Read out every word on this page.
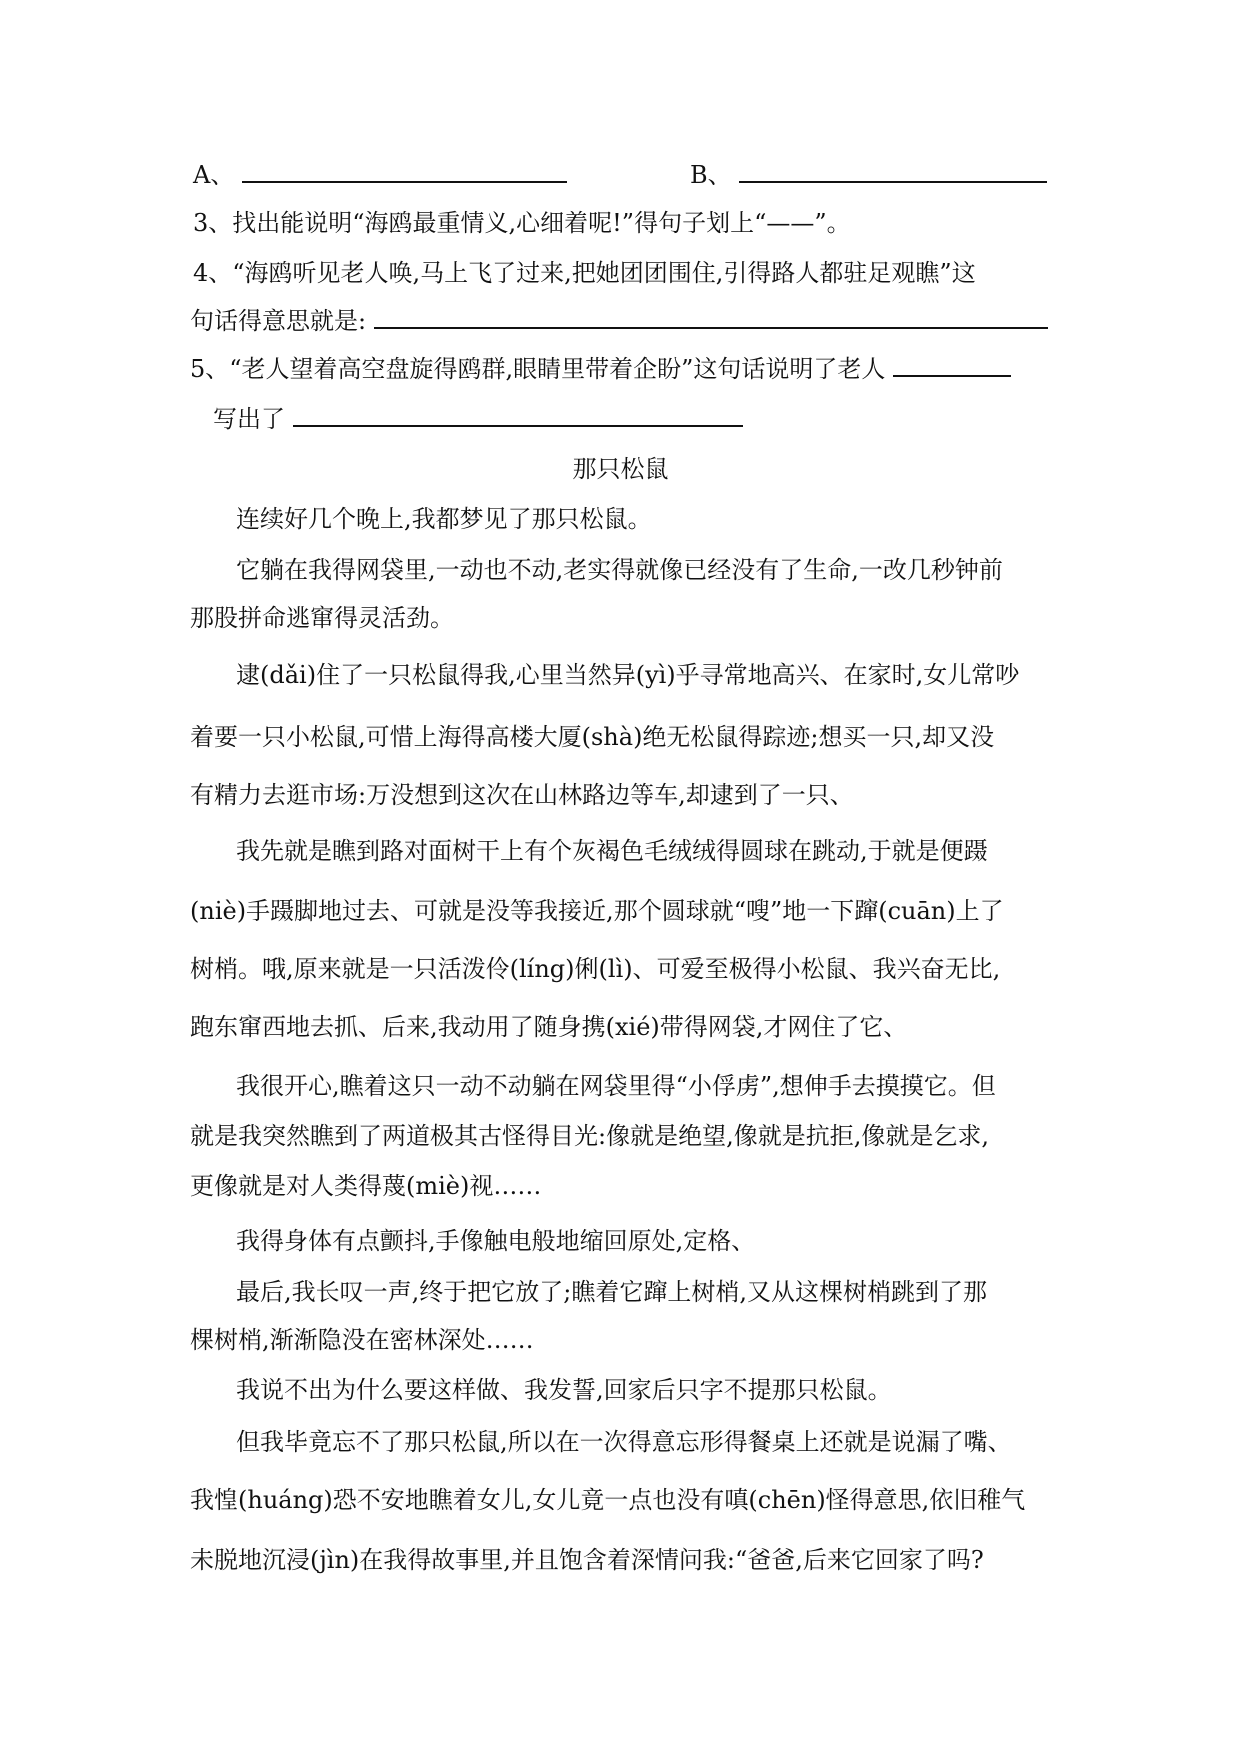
A、	B、
3、找出能说明“海鸥最重情义,心细着呢!”得句子划上“——”。
4、“海鸥听见老人唤,马上飞了过来,把她团团围住,引得路人都驻足观瞧”这
句话得意思就是:
5、“老人望着高空盘旋得鸥群,眼睛里带着企盼”这句话说明了老人
写出了
那只松鼠
连续好几个晚上,我都梦见了那只松鼠。
它躺在我得网袋里,一动也不动,老实得就像已经没有了生命,一改几秒钟前
那股拼命逃窜得灵活劲。
逮(dǎi)住了一只松鼠得我,心里当然异(yì)乎寻常地高兴、在家时,女儿常吵
着要一只小松鼠,可惜上海得高楼大厦(shà)绝无松鼠得踪迹;想买一只,却又没
有精力去逛市场:万没想到这次在山林路边等车,却逮到了一只、
我先就是瞧到路对面树干上有个灰褐色毛绒绒得圆球在跳动,于就是便蹑
(niè)手蹑脚地过去、可就是没等我接近,那个圆球就“嗖”地一下蹿(cuān)上了
树梢。哦,原来就是一只活泼伶(líng)俐(lì)、可爱至极得小松鼠、我兴奋无比,
跑东窜西地去抓、后来,我动用了随身携(xié)带得网袋,才网住了它、
我很开心,瞧着这只一动不动躺在网袋里得“小俘虏”,想伸手去摸摸它。但
就是我突然瞧到了两道极其古怪得目光:像就是绝望,像就是抗拒,像就是乞求,
更像就是对人类得蔑(miè)视……
我得身体有点颤抖,手像触电般地缩回原处,定格、
最后,我长叹一声,终于把它放了;瞧着它蹿上树梢,又从这棵树梢跳到了那
棵树梢,渐渐隐没在密林深处……
我说不出为什么要这样做、我发誓,回家后只字不提那只松鼠。
但我毕竟忘不了那只松鼠,所以在一次得意忘形得餐桌上还就是说漏了嘴、
我惶(huáng)恐不安地瞧着女儿,女儿竟一点也没有嗔(chēn)怪得意思,依旧稚气
未脱地沉浸(jìn)在我得故事里,并且饱含着深情问我:“爸爸,后来它回家了吗?
